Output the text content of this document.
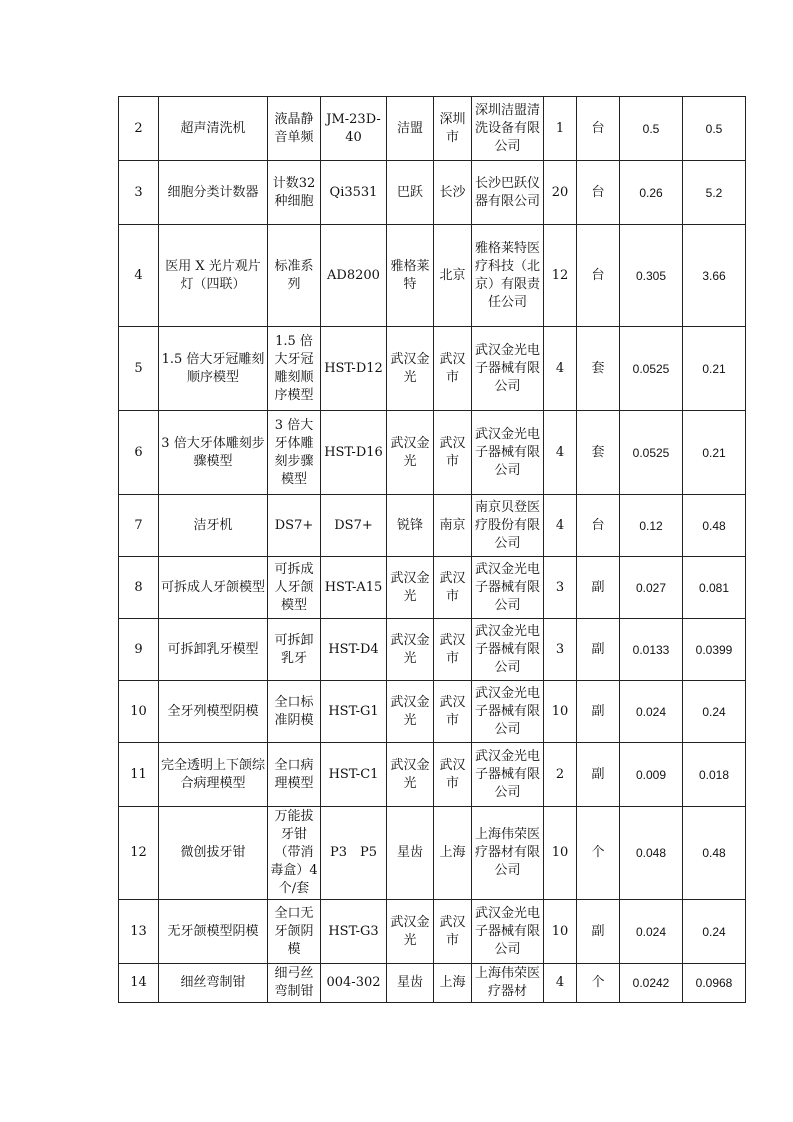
2	超声清洗机	液晶静音单频	JM-23D-40	洁盟	深圳市	深圳洁盟清洗设备有限公司	1	台	0.5	0.5
3	细胞分类计数器	计数32种细胞	Qi3531	巴跃	长沙	长沙巴跃仪器有限公司	20	台	0.26	5.2
4	医用 X 光片观片灯（四联）	标准系列	AD8200	雅格莱特	北京	雅格莱特医疗科技（北京）有限责任公司	12	台	0.305	3.66
5	1.5 倍大牙冠雕刻顺序模型	1.5 倍大牙冠雕刻顺序模型	HST-D12	武汉金光	武汉市	武汉金光电子器械有限公司	4	套	0.0525	0.21
6	3 倍大牙体雕刻步骤模型	3 倍大牙体雕刻步骤模型	HST-D16	武汉金光	武汉市	武汉金光电子器械有限公司	4	套	0.0525	0.21
7	洁牙机	DS7+	DS7+	锐锋	南京	南京贝登医疗股份有限公司	4	台	0.12	0.48
8	可拆成人牙颌模型	可拆成人牙颌模型	HST-A15	武汉金光	武汉市	武汉金光电子器械有限公司	3	副	0.027	0.081
9	可拆卸乳牙模型	可拆卸乳牙	HST-D4	武汉金光	武汉市	武汉金光电子器械有限公司	3	副	0.0133	0.0399
10	全牙列模型阴模	全口标准阴模	HST-G1	武汉金光	武汉市	武汉金光电子器械有限公司	10	副	0.024	0.24
11	完全透明上下颌综合病理模型	全口病理模型	HST-C1	武汉金光	武汉市	武汉金光电子器械有限公司	2	副	0.009	0.018
12	微创拔牙钳	万能拔牙钳（带消毒盒）4个/套	P3　P5	星齿	上海	上海伟荣医疗器材有限公司	10	个	0.048	0.48
13	无牙颌模型阴模	全口无牙颌阴模	HST-G3	武汉金光	武汉市	武汉金光电子器械有限公司	10	副	0.024	0.24
14	细丝弯制钳	细弓丝弯制钳	004-302	星齿	上海	上海伟荣医疗器材	4	个	0.0242	0.0968
